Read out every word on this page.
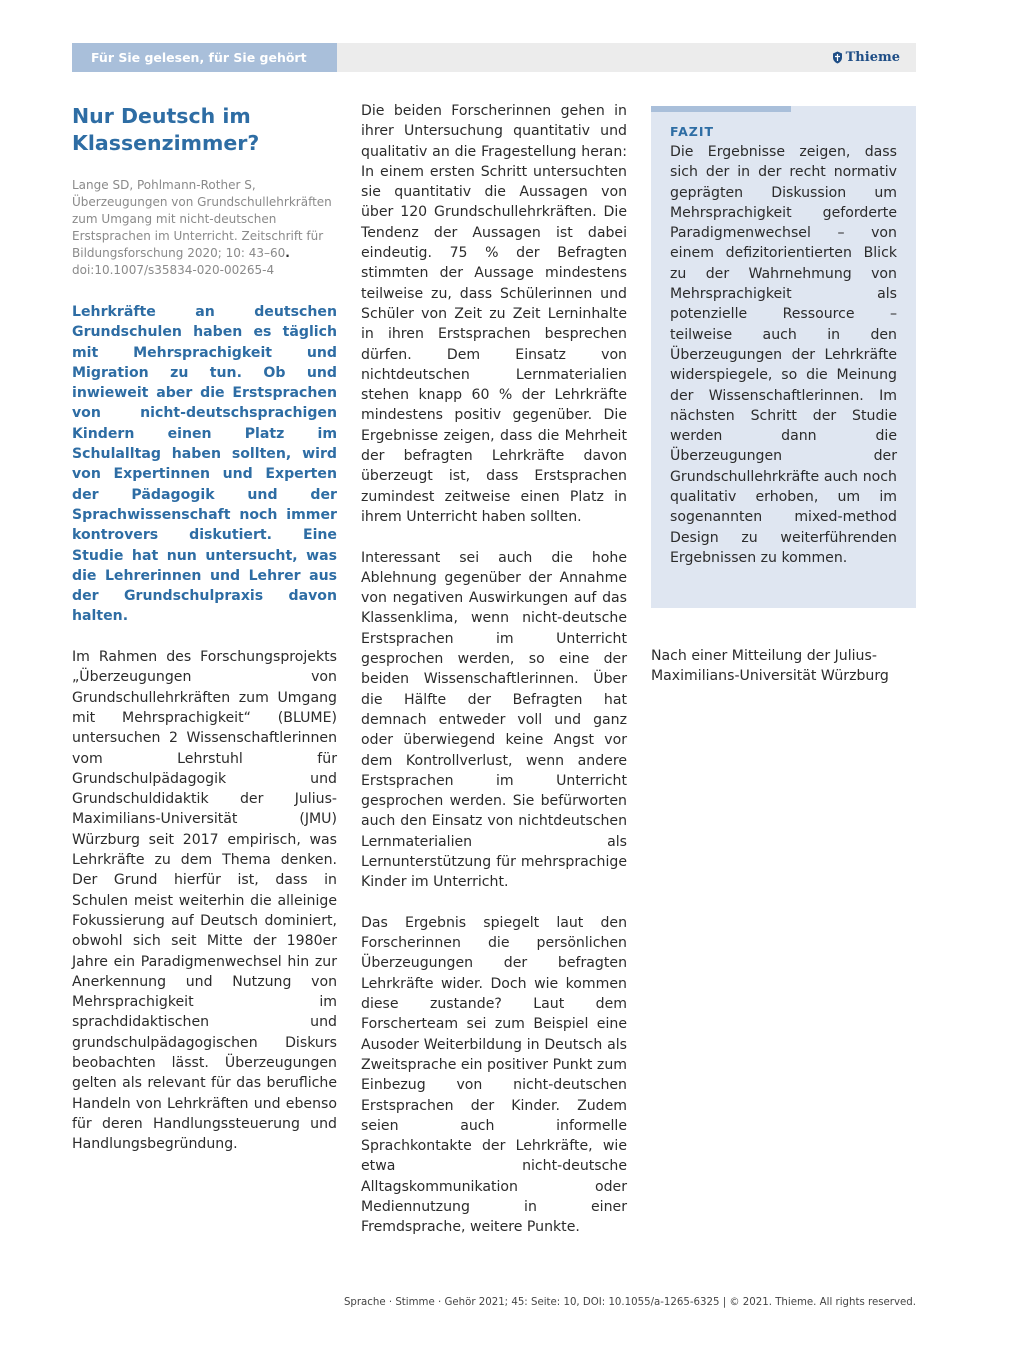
Für Sie gelesen, für Sie gehört	Thieme
Nur Deutsch im Klassenzimmer?
Lange SD, Pohlmann-Rother S, Überzeugungen von Grundschullehrkräften zum Umgang mit nicht-deutschen Erstsprachen im Unterricht. Zeitschrift für Bildungsforschung 2020; 10: 43–60. doi:10.1007/s35834-020-00265-4
Lehrkräfte an deutschen Grundschulen haben es täglich mit Mehrsprachigkeit und Migration zu tun. Ob und inwieweit aber die Erstsprachen von nicht-deutschsprachigen Kindern einen Platz im Schulalltag haben sollten, wird von Expertinnen und Experten der Pädagogik und der Sprachwissenschaft noch immer kontrovers diskutiert. Eine Studie hat nun untersucht, was die Lehrerinnen und Lehrer aus der Grundschulpraxis davon halten.

Im Rahmen des Forschungsprojekts „Überzeugungen von Grundschullehrkräften zum Umgang mit Mehrsprachigkeit“ (BLUME) untersuchen 2 Wissenschaftlerinnen vom Lehrstuhl für Grundschulpädagogik und Grundschuldidaktik der Julius-Maximilians-Universität (JMU) Würzburg seit 2017 empirisch, was Lehrkräfte zu dem Thema denken. Der Grund hierfür ist, dass in Schulen meist weiterhin die alleinige Fokussierung auf Deutsch dominiert, obwohl sich seit Mitte der 1980er Jahre ein Paradigmenwechsel hin zur Anerkennung und Nutzung von Mehrsprachigkeit im sprachdidaktischen und grundschulpädagogischen Diskurs beobachten lässt. Überzeugungen gelten als relevant für das berufliche Handeln von Lehrkräften und ebenso für deren Handlungssteuerung und Handlungsbegründung.

Die beiden Forscherinnen gehen in ihrer Untersuchung quantitativ und qualitativ an die Fragestellung heran: In einem ersten Schritt untersuchten sie quantitativ die Aussagen von über 120 Grundschullehrkräften. Die Tendenz der Aussagen ist dabei eindeutig. 75 % der Befragten stimmten der Aussage mindestens teilweise zu, dass Schülerinnen und Schüler von Zeit zu Zeit Lerninhalte in ihren Erstsprachen besprechen dürfen. Dem Einsatz von nichtdeutschen Lernmaterialien stehen knapp 60 % der Lehrkräfte mindestens positiv gegenüber. Die Ergebnisse zeigen, dass die Mehrheit der befragten Lehrkräfte davon überzeugt ist, dass Erstsprachen zumindest zeitweise einen Platz in ihrem Unterricht haben sollten.

Interessant sei auch die hohe Ablehnung gegenüber der Annahme von negativen Auswirkungen auf das Klassenklima, wenn nicht-deutsche Erstsprachen im Unterricht gesprochen werden, so eine der beiden Wissenschaftlerinnen. Über die Hälfte der Befragten hat demnach entweder voll und ganz oder überwiegend keine Angst vor dem Kontrollverlust, wenn andere Erstsprachen im Unterricht gesprochen werden. Sie befürworten auch den Einsatz von nichtdeutschen Lernmaterialien als Lernunterstützung für mehrsprachige Kinder im Unterricht.

Das Ergebnis spiegelt laut den Forscherinnen die persönlichen Überzeugungen der befragten Lehrkräfte wider. Doch wie kommen diese zustande? Laut dem Forscherteam sei zum Beispiel eine Ausoder Weiterbildung in Deutsch als Zweitsprache ein positiver Punkt zum Einbezug von nicht-deutschen Erstsprachen der Kinder. Zudem seien auch informelle Sprachkontakte der Lehrkräfte, wie etwa nicht-deutsche Alltagskommunikation oder Mediennutzung in einer Fremdsprache, weitere Punkte.

FAZIT

Die Ergebnisse zeigen, dass sich der in der recht normativ geprägten Diskussion um Mehrsprachigkeit geforderte Paradigmenwechsel – von einem defizitorientierten Blick zu der Wahrnehmung von Mehrsprachigkeit als potenzielle Ressource – teilweise auch in den Überzeugungen der Lehrkräfte widerspiegele, so die Meinung der Wissenschaftlerinnen. Im nächsten Schritt der Studie werden dann die Überzeugungen der Grundschullehrkräfte auch noch qualitativ erhoben, um im sogenannten mixed-method Design zu weiterführenden Ergebnissen zu kommen.

Nach einer Mitteilung der Julius-Maximilians-Universität Würzburg
Sprache · Stimme · Gehör 2021; 45: Seite: 10, DOI: 10.1055/a-1265-6325 | © 2021. Thieme. All rights reserved.
